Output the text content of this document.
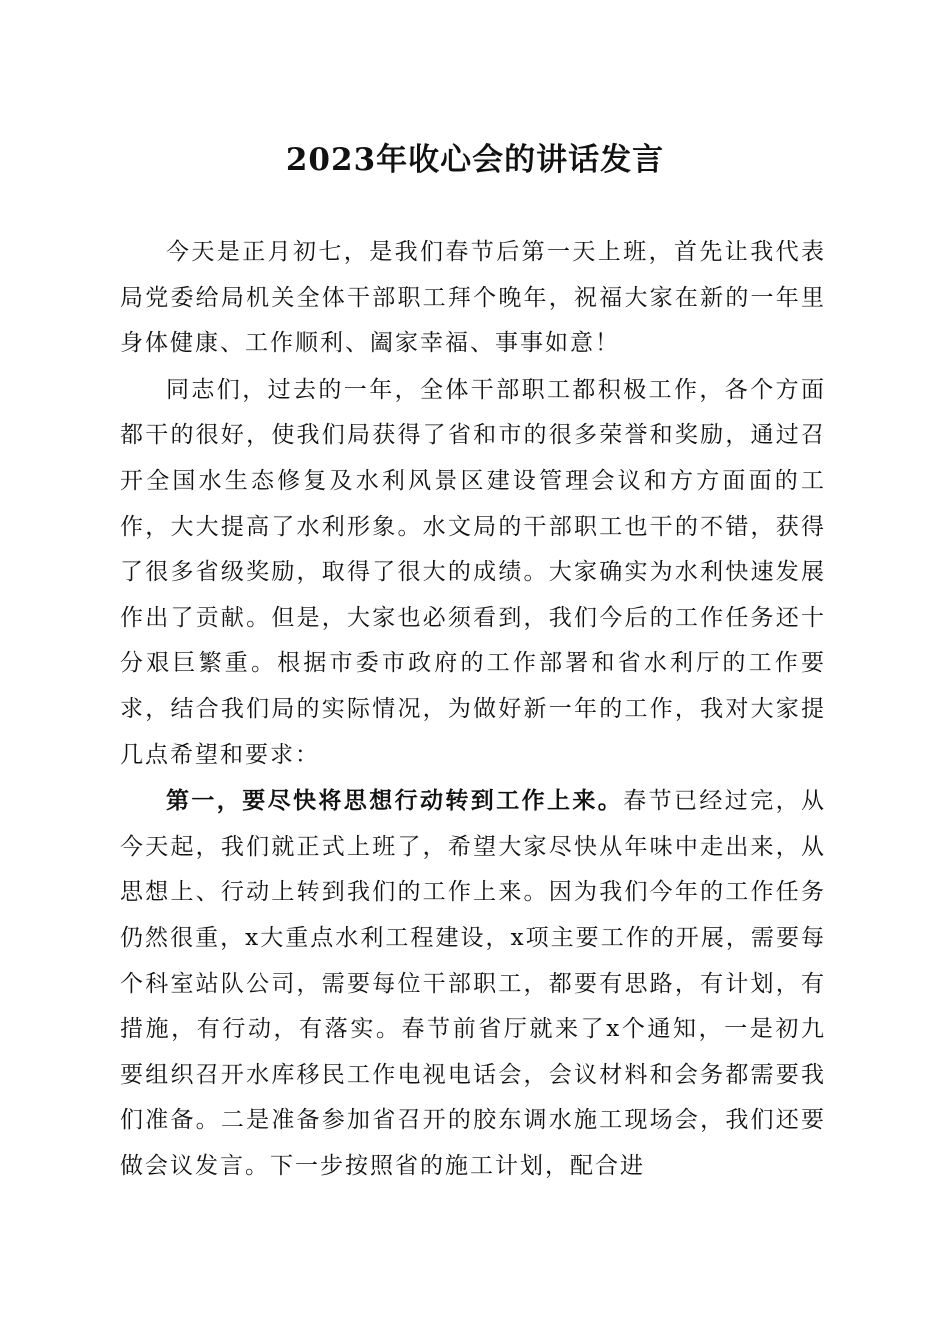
2023年收心会的讲话发言

今天是正月初七，是我们春节后第一天上班，首先让我代表局党委给局机关全体干部职工拜个晚年，祝福大家在新的一年里身体健康、工作顺利、阖家幸福、事事如意！

同志们，过去的一年，全体干部职工都积极工作，各个方面都干的很好，使我们局获得了省和市的很多荣誉和奖励，通过召开全国水生态修复及水利风景区建设管理会议和方方面面的工作，大大提高了水利形象。水文局的干部职工也干的不错，获得了很多省级奖励，取得了很大的成绩。大家确实为水利快速发展作出了贡献。但是，大家也必须看到，我们今后的工作任务还十分艰巨繁重。根据市委市政府的工作部署和省水利厅的工作要求，结合我们局的实际情况，为做好新一年的工作，我对大家提几点希望和要求：

第一，要尽快将思想行动转到工作上来。春节已经过完，从今天起，我们就正式上班了，希望大家尽快从年味中走出来，从思想上、行动上转到我们的工作上来。因为我们今年的工作任务仍然很重，x大重点水利工程建设，x项主要工作的开展，需要每个科室站队公司，需要每位干部职工，都要有思路，有计划，有措施，有行动，有落实。春节前省厅就来了x个通知，一是初九要组织召开水库移民工作电视电话会，会议材料和会务都需要我们准备。二是准备参加省召开的胶东调水施工现场会，我们还要做会议发言。下一步按照省的施工计划，配合进
